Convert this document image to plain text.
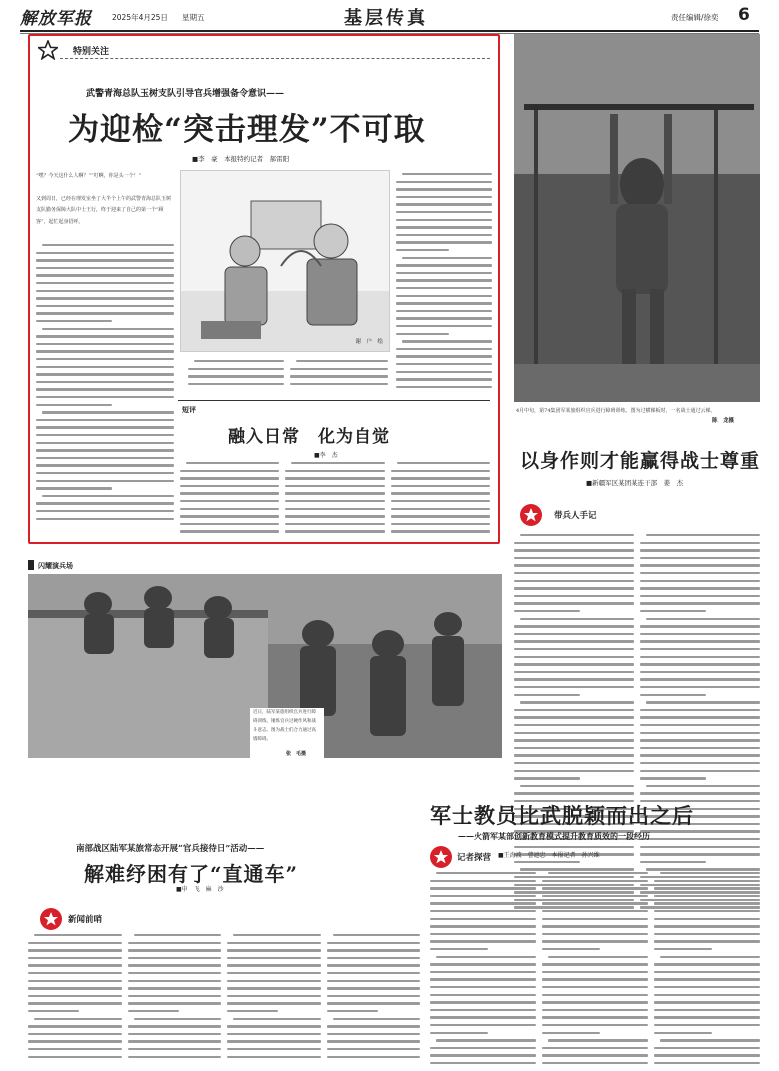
解放军报	2025年4月25日 星期五	基层传真	责任编辑/徐奕 6
特别关注
武警青海总队玉树支队引导官兵增强备令意识——
为迎检“突击理发”不可取
■李　豪　本报特约记者　郝雷阳
“嘿？今天这什么人啊？”“叮啊，你是头一个！”
又到周日，已经在理发室坐了大半个上午的武警青海总队玉树支队勤务保障大队中士王行，终于迎来了自己的第一个“顾客”，起忙起身招呼。
谢　户　绘
短评
融入日常　化为自觉
■李　杰
4月中旬，第74集团军某旅组织官兵进行障碍训练。图为过横梯板时，一名战士通过云梯。
陈　龙摄
以身作则才能赢得战士尊重
■新疆军区某团某连干部　姜　杰
带兵人手记
闪耀演兵场
近日，陆军某旅组织官兵进行障碍训练，锤炼官兵过硬作风和战斗意志。图为战士们合力通过高墙障碍。
张　毛摄
军士教员比武脱颖而出之后
——火箭军某部创新教育模式提升教育质效的一段经历
■王海波　曹遮忠　本报记者　孙兴维
记者探营
南部战区陆军某旅常态开展“官兵接待日”活动——
解难纾困有了“直通车”
■申　飞　麻　沙
新闻前哨
